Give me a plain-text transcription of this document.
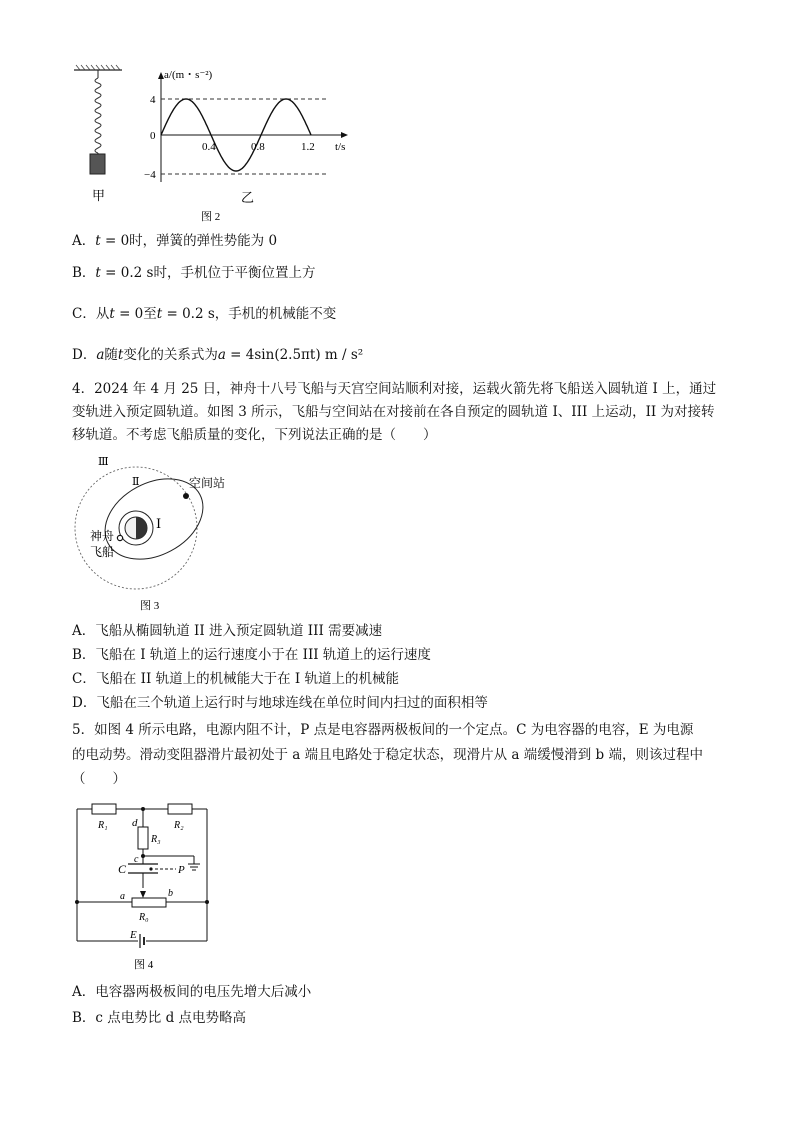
甲
a/(m・s⁻²)
t/s
4
0
−4
0.4	0.8	1.2
乙
图 2
A．t = 0时，弹簧的弹性势能为 0
B．t = 0.2 s时，手机位于平衡位置上方
C．从t = 0至t = 0.2 s，手机的机械能不变
D．a随t变化的关系式为a = 4sin(2.5πt) m / s²
4．2024 年 4 月 25 日，神舟十八号飞船与天宫空间站顺利对接，运载火箭先将飞船送入圆轨道 I 上，通过变轨进入预定圆轨道。如图 3 所示，飞船与空间站在对接前在各自预定的圆轨道 I、III 上运动，II 为对接转移轨道。不考虑飞船质量的变化，下列说法正确的是（　　）
Ⅲ
Ⅱ
Ⅰ
空间站
神舟
飞船
图 3
A．飞船从椭圆轨道 II 进入预定圆轨道 III 需要减速
B．飞船在 I 轨道上的运行速度小于在 III 轨道上的运行速度
C．飞船在 II 轨道上的机械能大于在 I 轨道上的机械能
D．飞船在三个轨道上运行时与地球连线在单位时间内扫过的面积相等
5．如图 4 所示电路，电源内阻不计，P 点是电容器两极板间的一个定点。C 为电容器的电容，E 为电源
的电动势。滑动变阻器滑片最初处于 a 端且电路处于稳定状态，现滑片从 a 端缓慢滑到 b 端，则该过程中
（　　）
R₁	R₂
R₃
R₀
d
c
C	P
a	b
E
图 4
A．电容器两极板间的电压先增大后减小
B．c 点电势比 d 点电势略高
